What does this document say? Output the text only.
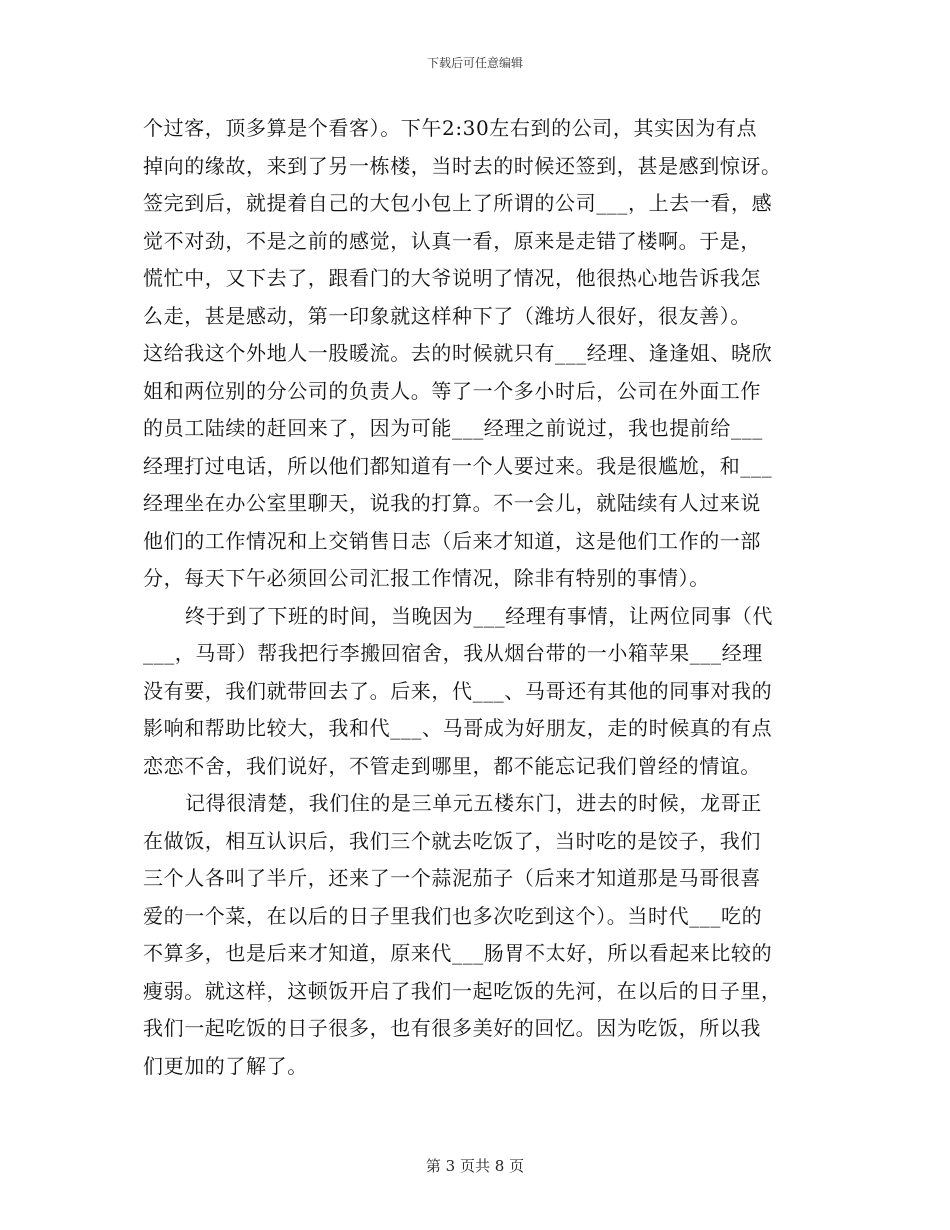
下载后可任意编辑
个过客，顶多算是个看客）。下午2:30左右到的公司，其实因为有点
掉向的缘故，来到了另一栋楼，当时去的时候还签到，甚是感到惊讶。
签完到后，就提着自己的大包小包上了所谓的公司___，上去一看，感
觉不对劲，不是之前的感觉，认真一看，原来是走错了楼啊。于是，
慌忙中，又下去了，跟看门的大爷说明了情况，他很热心地告诉我怎
么走，甚是感动，第一印象就这样种下了（潍坊人很好，很友善）。
这给我这个外地人一股暖流。去的时候就只有___经理、逢逢姐、晓欣
姐和两位别的分公司的负责人。等了一个多小时后，公司在外面工作
的员工陆续的赶回来了，因为可能___经理之前说过，我也提前给___
经理打过电话，所以他们都知道有一个人要过来。我是很尴尬，和___
经理坐在办公室里聊天，说我的打算。不一会儿，就陆续有人过来说
他们的工作情况和上交销售日志（后来才知道，这是他们工作的一部
分，每天下午必须回公司汇报工作情况，除非有特别的事情）。
终于到了下班的时间，当晚因为___经理有事情，让两位同事（代
___，马哥）帮我把行李搬回宿舍，我从烟台带的一小箱苹果___经理
没有要，我们就带回去了。后来，代___、马哥还有其他的同事对我的
影响和帮助比较大，我和代___、马哥成为好朋友，走的时候真的有点
恋恋不舍，我们说好，不管走到哪里，都不能忘记我们曾经的情谊。
记得很清楚，我们住的是三单元五楼东门，进去的时候，龙哥正
在做饭，相互认识后，我们三个就去吃饭了，当时吃的是饺子，我们
三个人各叫了半斤，还来了一个蒜泥茄子（后来才知道那是马哥很喜
爱的一个菜，在以后的日子里我们也多次吃到这个）。当时代___吃的
不算多，也是后来才知道，原来代___肠胃不太好，所以看起来比较的
瘦弱。就这样，这顿饭开启了我们一起吃饭的先河，在以后的日子里，
我们一起吃饭的日子很多，也有很多美好的回忆。因为吃饭，所以我
们更加的了解了。
第 3 页共 8 页
